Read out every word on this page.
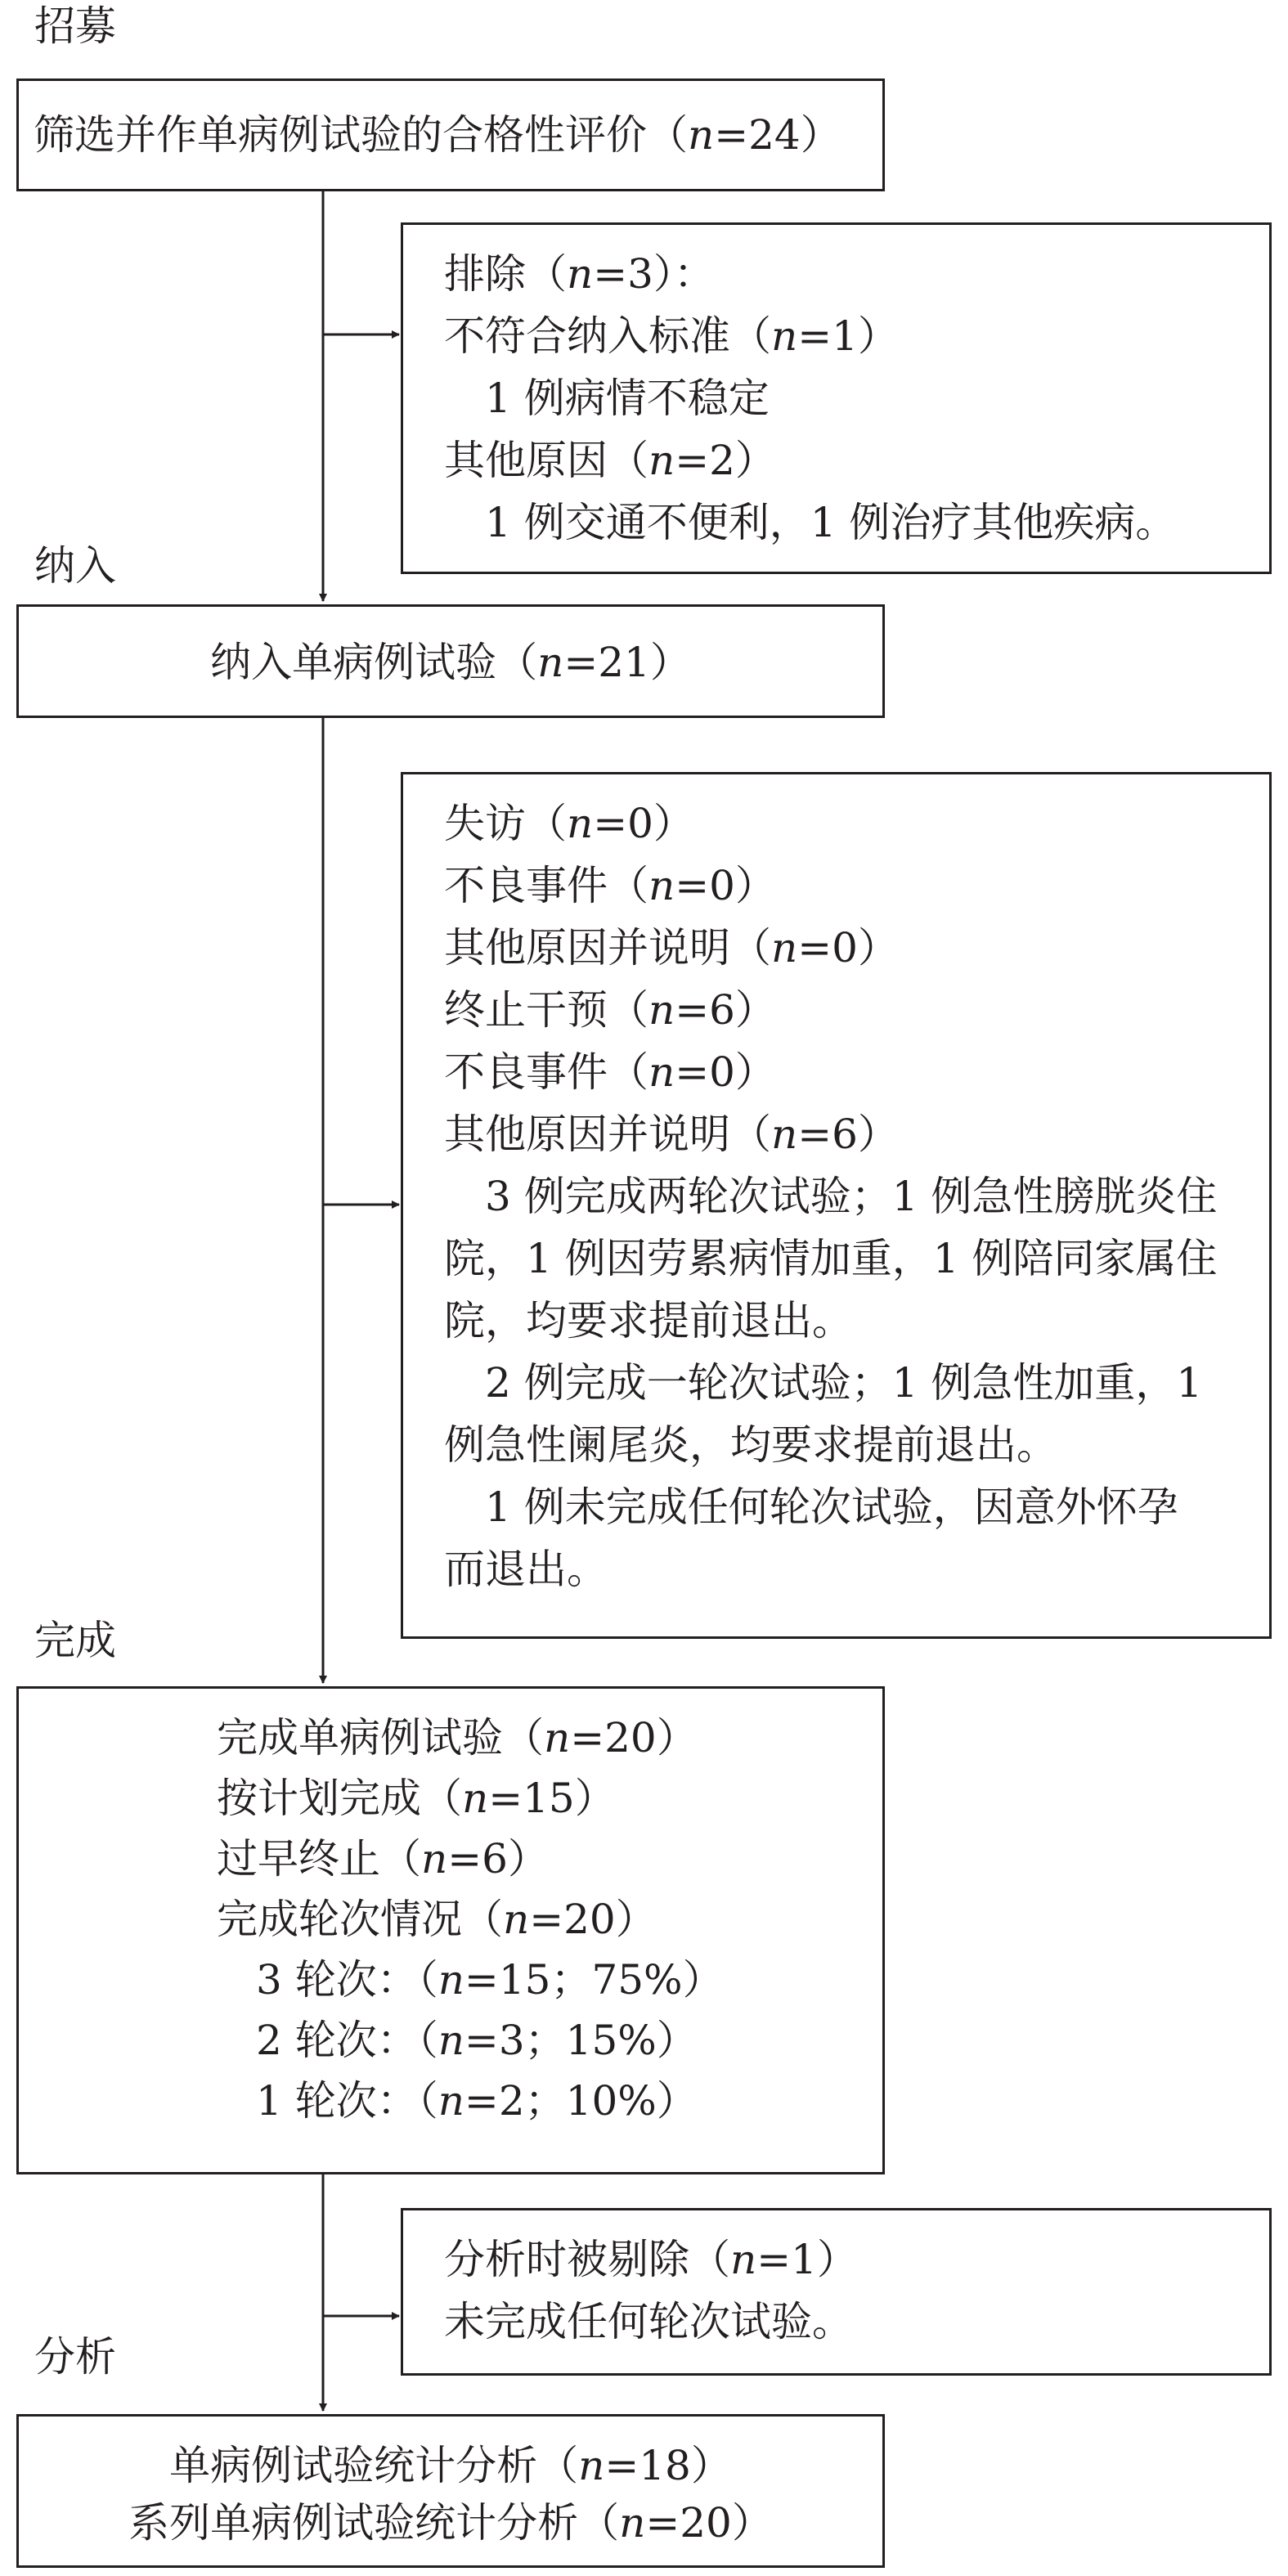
招募
纳入
完成
分析
筛选并作单病例试验的合格性评价（n=24）
排除（n=3）：
不符合纳入标准（n=1）
1 例病情不稳定
其他原因（n=2）
1 例交通不便利，1 例治疗其他疾病。
纳入单病例试验（n=21）
失访（n=0）
不良事件（n=0）
其他原因并说明（n=0）
终止干预（n=6）
不良事件（n=0）
其他原因并说明（n=6）
3 例完成两轮次试验；1 例急性膀胱炎住
院，1 例因劳累病情加重，1 例陪同家属住
院，均要求提前退出。
2 例完成一轮次试验；1 例急性加重，1
例急性阑尾炎，均要求提前退出。
1 例未完成任何轮次试验，因意外怀孕
而退出。
完成单病例试验（n=20）
按计划完成（n=15）
过早终止（n=6）
完成轮次情况（n=20）
3 轮次：（n=15；75%）
2 轮次：（n=3；15%）
1 轮次：（n=2；10%）
分析时被剔除（n=1）
未完成任何轮次试验。
单病例试验统计分析（n=18）
系列单病例试验统计分析（n=20）
